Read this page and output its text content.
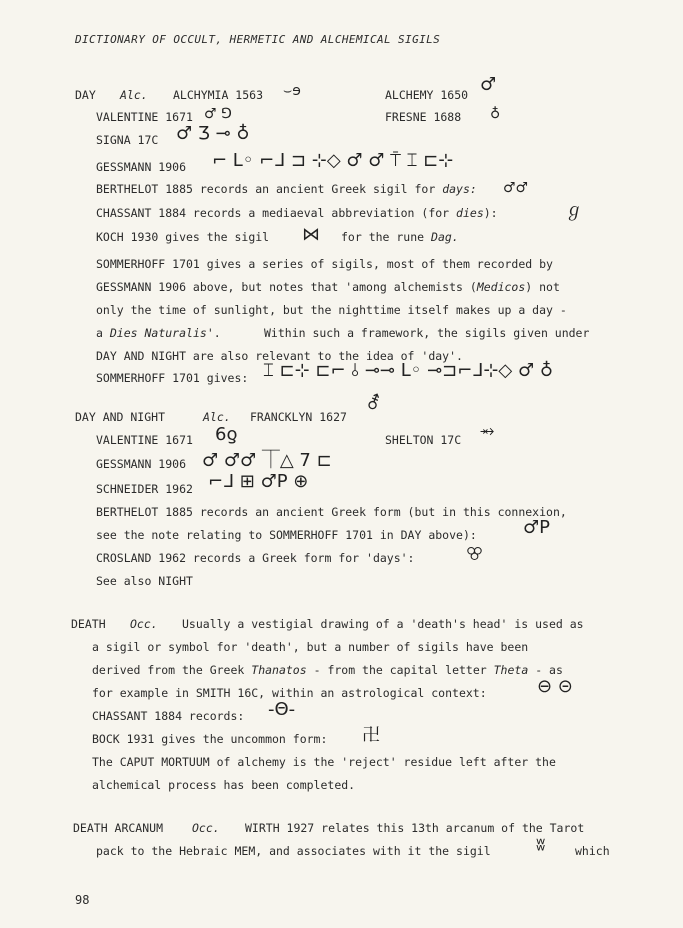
DICTIONARY OF OCCULT, HERMETIC AND ALCHEMICAL SIGILS
DAY Alc. ALCHYMIA 1563 ⌣ɘ	ALCHEMY 1650 ♂
VALENTINE 1671 ♂ ⅁	FRESNE 1688 ♁
SIGNA 17C ♂ Ʒ ⊸ ♁
GESSMANN 1906 ⌐ ᒪ◦ ⌐ᒧ ⊐ ⊹◇ ♂ ♂ ⍑ ⌶ ⊏⊹
BERTHELOT 1885 records an ancient Greek sigil for days: ♂♂
CHASSANT 1884 records a mediaeval abbreviation (for dies):	ℊ
KOCH 1930 gives the sigil ⋈ for the rune Dag.
SOMMERHOFF 1701 gives a series of sigils, most of them recorded by
GESSMANN 1906 above, but notes that 'among alchemists (Medicos) not
only the time of sunlight, but the nighttime itself makes up a day -
a Dies Naturalis'.	Within such a framework, the sigils given under
DAY AND NIGHT are also relevant to the idea of 'day'.
SOMMERHOFF 1701 gives: ⌶ ⊏⊹ ⊏⌐ ⫰ ⊸⊸ ᒪ◦ ⊸⊐⌐ᒧ⊹◇ ♂ ♁
DAY AND NIGHT	Alc. FRANCKLYN 1627
⚦
VALENTINE 1671 6ƍ	SHELTON 17C ⥇
GESSMANN 1906 ♂ ♂♂ ⏉△ 7 ⊏
SCHNEIDER 1962 ⌐ᒧ ⊞ ♂P ⊕
BERTHELOT 1885 records an ancient Greek form (but in this connexion,
see the note relating to SOMMERHOFF 1701 in DAY above):	♂P
CROSLAND 1962 records a Greek form for 'days':	ꕢ
See also NIGHT
DEATH Occ. Usually a vestigial drawing of a 'death's head' is used as
a sigil or symbol for 'death', but a number of sigils have been
derived from the Greek Thanatos - from the capital letter Theta - as
for example in SMITH 16C, within an astrological context:	⊖ ⊝
CHASSANT 1884 records: -Θ-
BOCK 1931 gives the uncommon form: 卍
The CAPUT MORTUUM of alchemy is the 'reject' residue left after the
alchemical process has been completed.
DEATH ARCANUM	Occ. WIRTH 1927 relates this 13th arcanum of the Tarot
pack to the Hebraic MEM, and associates with it the sigil	ʬ	which
98
